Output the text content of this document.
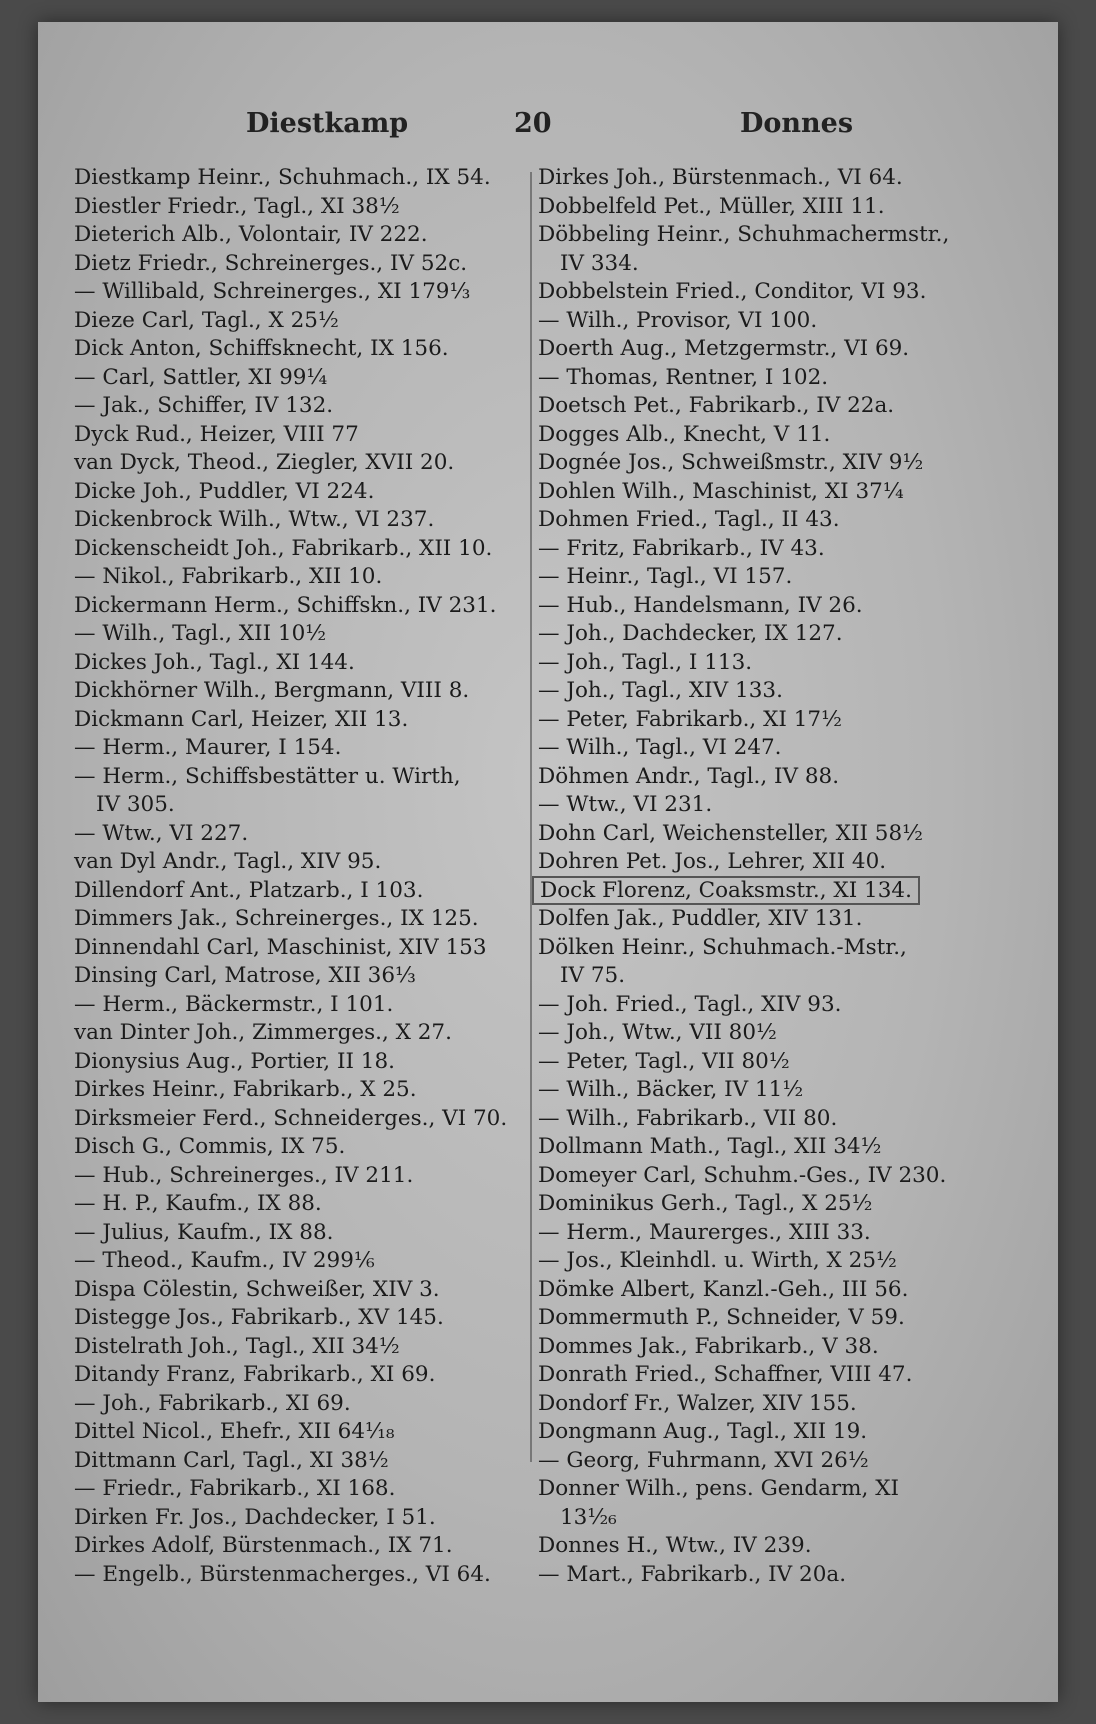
Diestkamp	20	Donnes
Diestkamp Heinr., Schuhmach., IX 54.
Diestler Friedr., Tagl., XI 38½
Dieterich Alb., Volontair, IV 222.
Dietz Friedr., Schreinerges., IV 52c.
— Willibald, Schreinerges., XI 179⅓
Dieze Carl, Tagl., X 25½
Dick Anton, Schiffsknecht, IX 156.
— Carl, Sattler, XI 99¼
— Jak., Schiffer, IV 132.
Dyck Rud., Heizer, VIII 77
van Dyck, Theod., Ziegler, XVII 20.
Dicke Joh., Puddler, VI 224.
Dickenbrock Wilh., Wtw., VI 237.
Dickenscheidt Joh., Fabrikarb., XII 10.
— Nikol., Fabrikarb., XII 10.
Dickermann Herm., Schiffskn., IV 231.
— Wilh., Tagl., XII 10½
Dickes Joh., Tagl., XI 144.
Dickhörner Wilh., Bergmann, VIII 8.
Dickmann Carl, Heizer, XII 13.
— Herm., Maurer, I 154.
— Herm., Schiffsbestätter u. Wirth,
IV 305.
— Wtw., VI 227.
van Dyl Andr., Tagl., XIV 95.
Dillendorf Ant., Platzarb., I 103.
Dimmers Jak., Schreinerges., IX 125.
Dinnendahl Carl, Maschinist, XIV 153
Dinsing Carl, Matrose, XII 36⅓
— Herm., Bäckermstr., I 101.
van Dinter Joh., Zimmerges., X 27.
Dionysius Aug., Portier, II 18.
Dirkes Heinr., Fabrikarb., X 25.
Dirksmeier Ferd., Schneiderges., VI 70.
Disch G., Commis, IX 75.
— Hub., Schreinerges., IV 211.
— H. P., Kaufm., IX 88.
— Julius, Kaufm., IX 88.
— Theod., Kaufm., IV 299⅙
Dispa Cölestin, Schweißer, XIV 3.
Distegge Jos., Fabrikarb., XV 145.
Distelrath Joh., Tagl., XII 34½
Ditandy Franz, Fabrikarb., XI 69.
— Joh., Fabrikarb., XI 69.
Dittel Nicol., Ehefr., XII 64¹⁄₁₈
Dittmann Carl, Tagl., XI 38½
— Friedr., Fabrikarb., XI 168.
Dirken Fr. Jos., Dachdecker, I 51.
Dirkes Adolf, Bürstenmach., IX 71.
— Engelb., Bürstenmacherges., VI 64.
Dirkes Joh., Bürstenmach., VI 64.
Dobbelfeld Pet., Müller, XIII 11.
Döbbeling Heinr., Schuhmachermstr.,
IV 334.
Dobbelstein Fried., Conditor, VI 93.
— Wilh., Provisor, VI 100.
Doerth Aug., Metzgermstr., VI 69.
— Thomas, Rentner, I 102.
Doetsch Pet., Fabrikarb., IV 22a.
Dogges Alb., Knecht, V 11.
Dognée Jos., Schweißmstr., XIV 9½
Dohlen Wilh., Maschinist, XI 37¼
Dohmen Fried., Tagl., II 43.
— Fritz, Fabrikarb., IV 43.
— Heinr., Tagl., VI 157.
— Hub., Handelsmann, IV 26.
— Joh., Dachdecker, IX 127.
— Joh., Tagl., I 113.
— Joh., Tagl., XIV 133.
— Peter, Fabrikarb., XI 17½
— Wilh., Tagl., VI 247.
Döhmen Andr., Tagl., IV 88.
— Wtw., VI 231.
Dohn Carl, Weichensteller, XII 58½
Dohren Pet. Jos., Lehrer, XII 40.
Dock Florenz, Coaksmstr., XI 134.
Dolfen Jak., Puddler, XIV 131.
Dölken Heinr., Schuhmach.-Mstr.,
IV 75.
— Joh. Fried., Tagl., XIV 93.
— Joh., Wtw., VII 80½
— Peter, Tagl., VII 80½
— Wilh., Bäcker, IV 11½
— Wilh., Fabrikarb., VII 80.
Dollmann Math., Tagl., XII 34½
Domeyer Carl, Schuhm.-Ges., IV 230.
Dominikus Gerh., Tagl., X 25½
— Herm., Maurerges., XIII 33.
— Jos., Kleinhdl. u. Wirth, X 25½
Dömke Albert, Kanzl.-Geh., III 56.
Dommermuth P., Schneider, V 59.
Dommes Jak., Fabrikarb., V 38.
Donrath Fried., Schaffner, VIII 47.
Dondorf Fr., Walzer, XIV 155.
Dongmann Aug., Tagl., XII 19.
— Georg, Fuhrmann, XVI 26½
Donner Wilh., pens. Gendarm, XI
13¹⁄₂₆
Donnes H., Wtw., IV 239.
— Mart., Fabrikarb., IV 20a.
